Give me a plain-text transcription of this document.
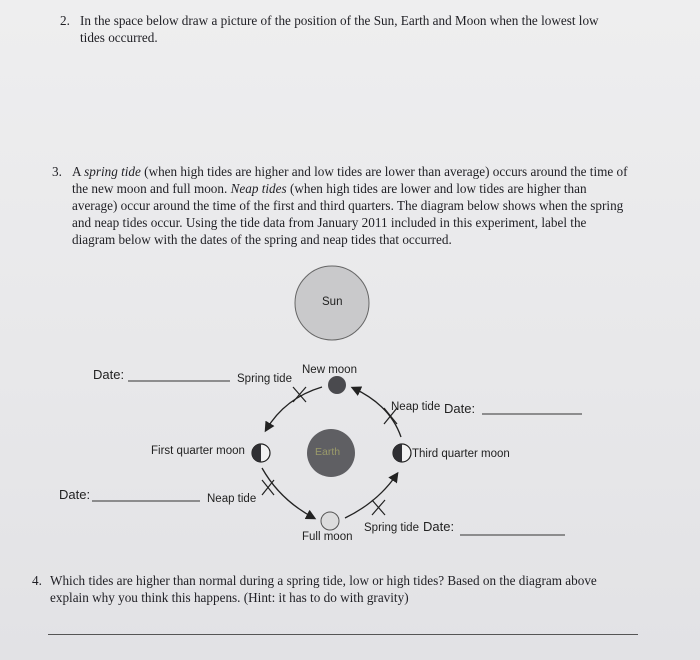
2. In the space below draw a picture of the position of the Sun, Earth and Moon when the lowest low tides occurred.
3. A spring tide (when high tides are higher and low tides are lower than average) occurs around the time of the new moon and full moon. Neap tides (when high tides are lower and low tides are higher than average) occur around the time of the first and third quarters. The diagram below shows when the spring and neap tides occur. Using the tide data from January 2011 included in this experiment, label the diagram below with the dates of the spring and neap tides that occurred.
Sun
Earth
New moon
Full moon
First quarter moon	Third quarter moon
Spring tide
Spring tide
Neap tide
Neap tide
Date:
Date:
Date:
Date:
4. Which tides are higher than normal during a spring tide, low or high tides? Based on the diagram above explain why you think this happens. (Hint: it has to do with gravity)
